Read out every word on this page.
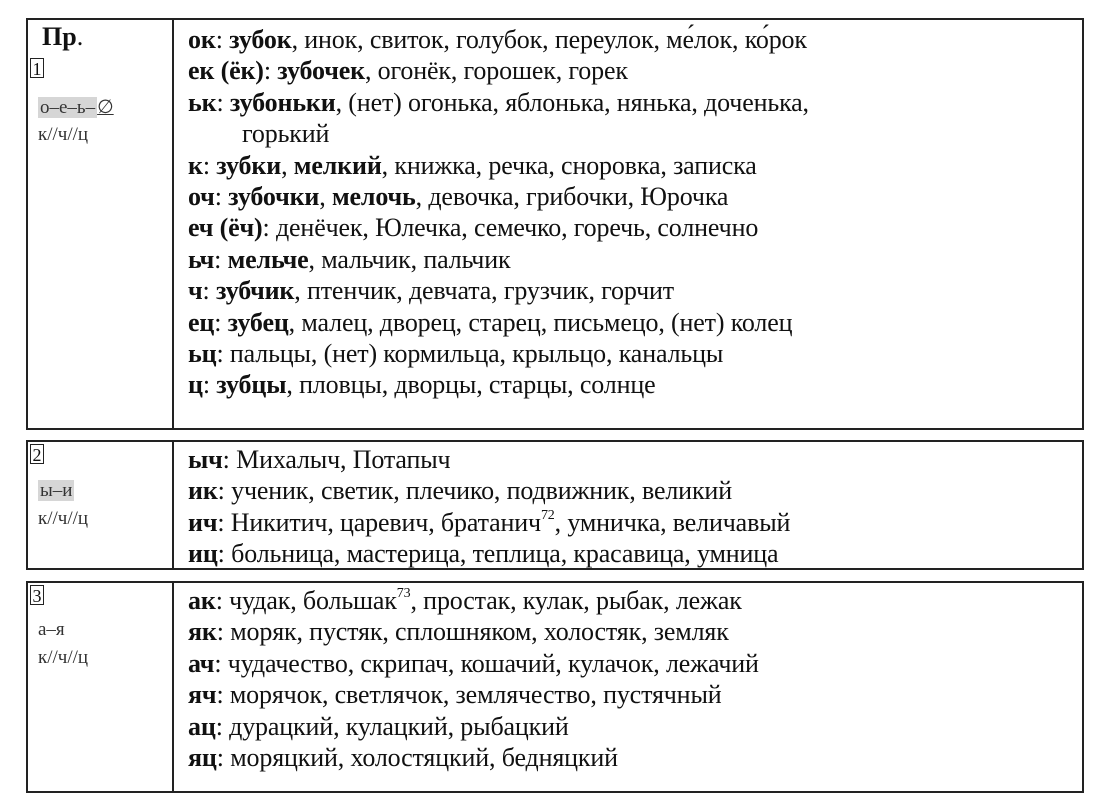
Пр.
1
о–е–ь– ∅
к//ч//ц
ок: зубок, инок, свиток, голубок, переулок, ме́лок, ко́рок
ек (ёк): зубочек, огонёк, горошек, горек
ьк: зубоньки, (нет) огонька, яблонька, нянька, доченька,
горький
к: зубки, мелкий, книжка, речка, сноровка, записка
оч: зубочки, мелочь, девочка, грибочки, Юрочка
еч (ёч): денёчек, Юлечка, семечко, горечь, солнечно
ьч: мельче, мальчик, пальчик
ч: зубчик, птенчик, девчата, грузчик, горчит
ец: зубец, малец, дворец, старец, письмецо, (нет) колец
ьц: пальцы, (нет) кормильца, крыльцо, канальцы
ц: зубцы, пловцы, дворцы, старцы, солнце
2
ы–и
к//ч//ц
ыч: Михалыч, Потапыч
ик: ученик, светик, плечико, подвижник, великий
ич: Никитич, царевич, братанич$^{72}$, умничка, величавый
иц: больница, мастерица, теплица, красавица, умница
3
а–я
к//ч//ц
ак: чудак, большак$^{73}$, простак, кулак, рыбак, лежак
як: моряк, пустяк, сплошняком, холостяк, земляк
ач: чудачество, скрипач, кошачий, кулачок, лежачий
яч: морячок, светлячок, землячество, пустячный
ац: дурацкий, кулацкий, рыбацкий
яц: моряцкий, холостяцкий, бедняцкий
